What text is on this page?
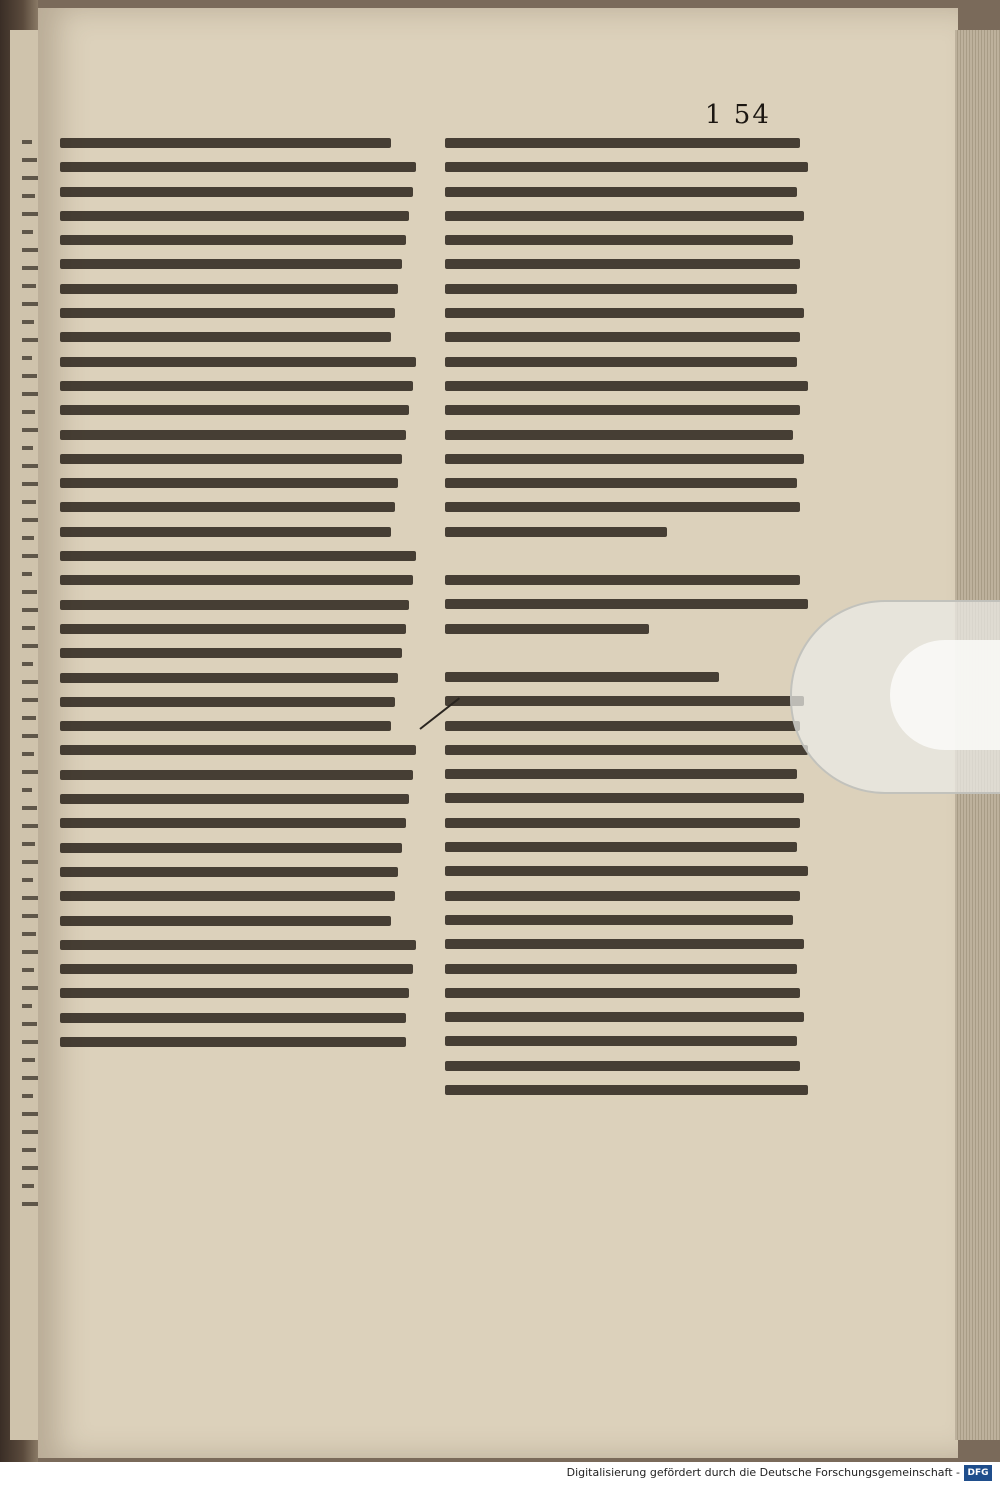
1 54
Digitalisierung gefördert durch die Deutsche Forschungsgemeinschaft - DFG
